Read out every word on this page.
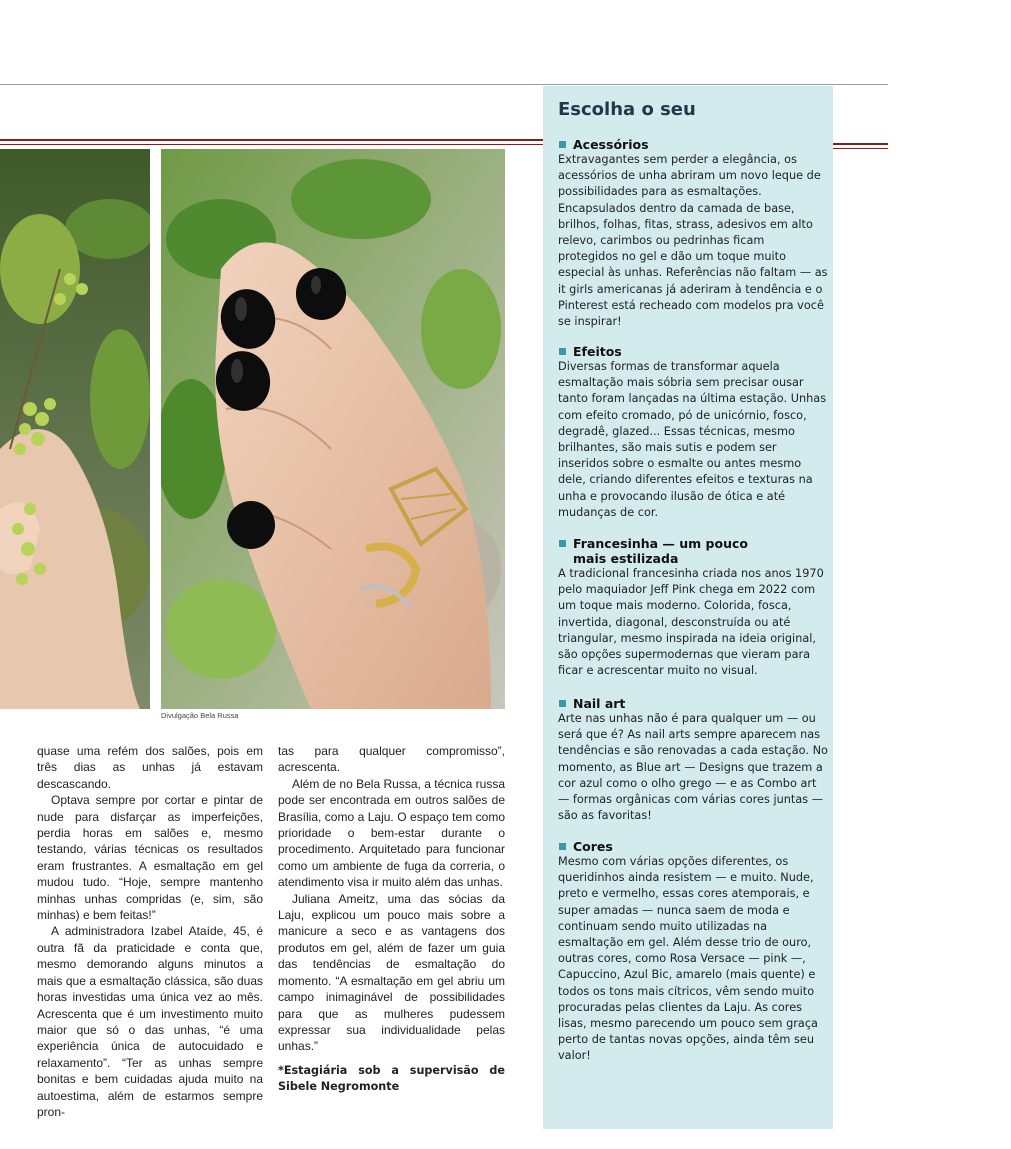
Divulgação Bela Russa

quase uma refém dos salões, pois em três dias as unhas já estavam descascando.

Optava sempre por cortar e pintar de nude para disfarçar as imperfeições, perdia horas em salões e, mesmo testando, várias técnicas os resultados eram frustrantes. A esmaltação em gel mudou tudo. “Hoje, sempre mantenho minhas unhas compridas (e, sim, são minhas) e bem feitas!”

A administradora Izabel Ataíde, 45, é outra fã da praticidade e conta que, mesmo demorando alguns minutos a mais que a esmaltação clássica, são duas horas investidas uma única vez ao mês. Acrescenta que é um investimento muito maior que só o das unhas, “é uma experiência única de autocuidado e relaxamento”. “Ter as unhas sempre bonitas e bem cuidadas ajuda muito na autoestima, além de estarmos sempre pron-

tas para qualquer compromisso”, acrescenta.

Além de no Bela Russa, a técnica russa pode ser encontrada em outros salões de Brasília, como a Laju. O espaço tem como prioridade o bem-estar durante o procedimento. Arquitetado para funcionar como um ambiente de fuga da correria, o atendimento visa ir muito além das unhas.

Juliana Ameitz, uma das sócias da Laju, explicou um pouco mais sobre a manicure a seco e as vantagens dos produtos em gel, além de fazer um guia das tendências de esmaltação do momento. “A esmaltação em gel abriu um campo inimaginável de possibilidades para que as mulheres pudessem expressar sua individualidade pelas unhas.”

*Estagiária sob a supervisão de Sibele Negromonte

Escolha o seu
Acessórios

Extravagantes sem perder a elegância, os acessórios de unha abriram um novo leque de possibilidades para as esmaltações. Encapsulados dentro da camada de base, brilhos, folhas, fitas, strass, adesivos em alto relevo, carimbos ou pedrinhas ficam protegidos no gel e dão um toque muito especial às unhas. Referências não faltam — as it girls americanas já aderiram à tendência e o Pinterest está recheado com modelos pra você se inspirar!

Efeitos

Diversas formas de transformar aquela esmaltação mais sóbria sem precisar ousar tanto foram lançadas na última estação. Unhas com efeito cromado, pó de unicórnio, fosco, degradê, glazed... Essas técnicas, mesmo brilhantes, são mais sutis e podem ser inseridos sobre o esmalte ou antes mesmo dele, criando diferentes efeitos e texturas na unha e provocando ilusão de ótica e até mudanças de cor.

Francesinha — um pouco mais estilizada

A tradicional francesinha criada nos anos 1970 pelo maquiador Jeff Pink chega em 2022 com um toque mais moderno. Colorida, fosca, invertida, diagonal, desconstruída ou até triangular, mesmo inspirada na ideia original, são opções supermodernas que vieram para ficar e acrescentar muito no visual.

Nail art

Arte nas unhas não é para qualquer um — ou será que é? As nail arts sempre aparecem nas tendências e são renovadas a cada estação. No momento, as Blue art — Designs que trazem a cor azul como o olho grego — e as Combo art — formas orgânicas com várias cores juntas — são as favoritas!

Cores

Mesmo com várias opções diferentes, os queridinhos ainda resistem — e muito. Nude, preto e vermelho, essas cores atemporais, e super amadas — nunca saem de moda e continuam sendo muito utilizadas na esmaltação em gel. Além desse trio de ouro, outras cores, como Rosa Versace — pink —, Capuccino, Azul Bic, amarelo (mais quente) e todos os tons mais cítricos, vêm sendo muito procuradas pelas clientes da Laju. As cores lisas, mesmo parecendo um pouco sem graça perto de tantas novas opções, ainda têm seu valor!
